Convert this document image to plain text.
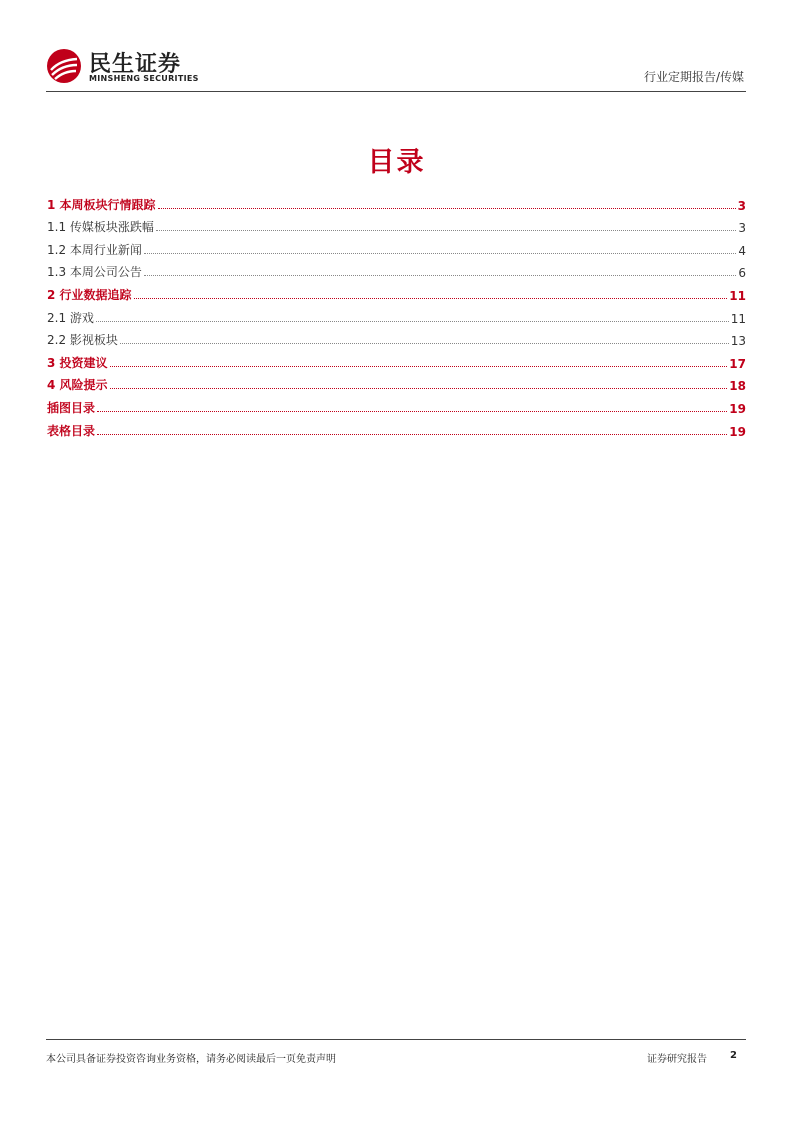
民生证券
MINSHENG SECURITIES	行业定期报告/传媒
目录
1 本周板块行情跟踪	3
1.1 传媒板块涨跌幅	3
1.2 本周行业新闻	4
1.3 本周公司公告	6
2 行业数据追踪	11
2.1 游戏	11
2.2 影视板块	13
3 投资建议	17
4 风险提示	18
插图目录	19
表格目录	19
本公司具备证券投资咨询业务资格，请务必阅读最后一页免责声明	证券研究报告 2
